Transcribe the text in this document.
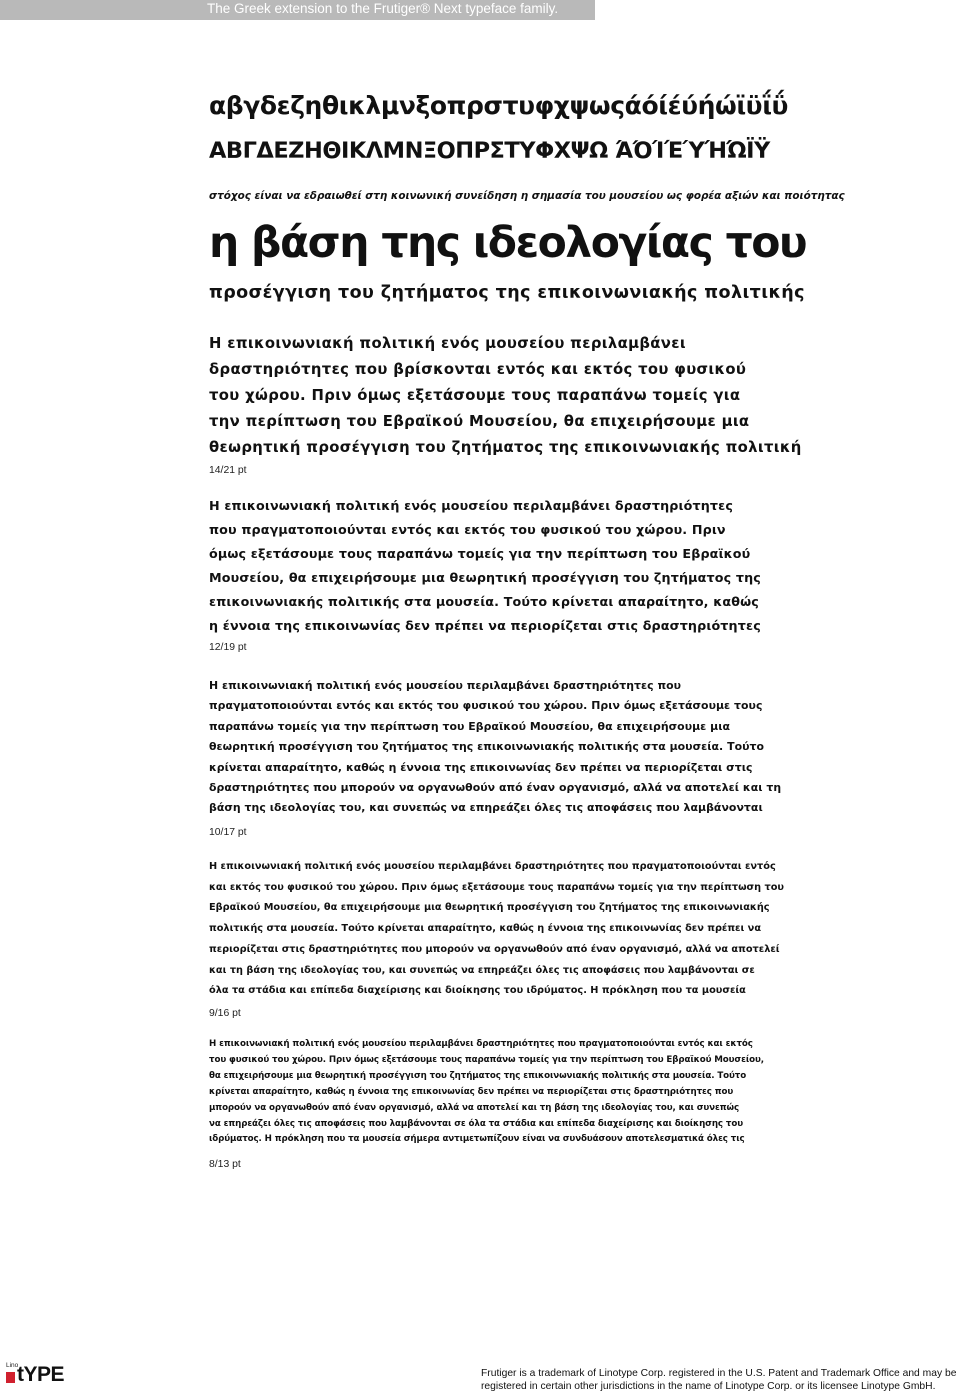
The Greek extension to the Frutiger® Next typeface family.
αβγδεζηθικλμνξοπρστυφχψωςάόίέύήώϊϋΐΰ
ΑΒΓΔΕΖΗΘΙΚΛΜΝΞΟΠΡΣΤΥΦΧΨΩ ΆΌΊΈΎΉΏΪΫ
στόχος είναι να εδραιωθεί στη κοινωνική συνείδηση η σημασία του μουσείου ως φορέα αξιών και ποιότητας
η βάση της ιδεολογίας του
προσέγγιση του ζητήματος της επικοινωνιακής πολιτικής
Η επικοινωνιακή πολιτική ενός μουσείου περιλαμβάνει
δραστηριότητες που βρίσκονται εντός και εκτός του φυσικού
του χώρου. Πριν όμως εξετάσουμε τους παραπάνω τομείς για
την περίπτωση του Εβραϊκού Μουσείου, θα επιχειρήσουμε μια
θεωρητική προσέγγιση του ζητήματος της επικοινωνιακής πολιτική
14/21 pt
Η επικοινωνιακή πολιτική ενός μουσείου περιλαμβάνει δραστηριότητες
που πραγματοποιούνται εντός και εκτός του φυσικού του χώρου. Πριν
όμως εξετάσουμε τους παραπάνω τομείς για την περίπτωση του Εβραϊκού
Μουσείου, θα επιχειρήσουμε μια θεωρητική προσέγγιση του ζητήματος της
επικοινωνιακής πολιτικής στα μουσεία. Τούτο κρίνεται απαραίτητο, καθώς
η έννοια της επικοινωνίας δεν πρέπει να περιορίζεται στις δραστηριότητες
12/19 pt
Η επικοινωνιακή πολιτική ενός μουσείου περιλαμβάνει δραστηριότητες που
πραγματοποιούνται εντός και εκτός του φυσικού του χώρου. Πριν όμως εξετάσουμε τους
παραπάνω τομείς για την περίπτωση του Εβραϊκού Μουσείου, θα επιχειρήσουμε μια
θεωρητική προσέγγιση του ζητήματος της επικοινωνιακής πολιτικής στα μουσεία. Τούτο
κρίνεται απαραίτητο, καθώς η έννοια της επικοινωνίας δεν πρέπει να περιορίζεται στις
δραστηριότητες που μπορούν να οργανωθούν από έναν οργανισμό, αλλά να αποτελεί και τη
βάση της ιδεολογίας του, και συνεπώς να επηρεάζει όλες τις αποφάσεις που λαμβάνονται
10/17 pt
Η επικοινωνιακή πολιτική ενός μουσείου περιλαμβάνει δραστηριότητες που πραγματοποιούνται εντός
και εκτός του φυσικού του χώρου. Πριν όμως εξετάσουμε τους παραπάνω τομείς για την περίπτωση του
Εβραϊκού Μουσείου, θα επιχειρήσουμε μια θεωρητική προσέγγιση του ζητήματος της επικοινωνιακής
πολιτικής στα μουσεία. Τούτο κρίνεται απαραίτητο, καθώς η έννοια της επικοινωνίας δεν πρέπει να
περιορίζεται στις δραστηριότητες που μπορούν να οργανωθούν από έναν οργανισμό, αλλά να αποτελεί
και τη βάση της ιδεολογίας του, και συνεπώς να επηρεάζει όλες τις αποφάσεις που λαμβάνονται σε
όλα τα στάδια και επίπεδα διαχείρισης και διοίκησης του ιδρύματος. Η πρόκληση που τα μουσεία
9/16 pt
Η επικοινωνιακή πολιτική ενός μουσείου περιλαμβάνει δραστηριότητες που πραγματοποιούνται εντός και εκτός
του φυσικού του χώρου. Πριν όμως εξετάσουμε τους παραπάνω τομείς για την περίπτωση του Εβραϊκού Μουσείου,
θα επιχειρήσουμε μια θεωρητική προσέγγιση του ζητήματος της επικοινωνιακής πολιτικής στα μουσεία. Τούτο
κρίνεται απαραίτητο, καθώς η έννοια της επικοινωνίας δεν πρέπει να περιορίζεται στις δραστηριότητες που
μπορούν να οργανωθούν από έναν οργανισμό, αλλά να αποτελεί και τη βάση της ιδεολογίας του, και συνεπώς
να επηρεάζει όλες τις αποφάσεις που λαμβάνονται σε όλα τα στάδια και επίπεδα διαχείρισης και διοίκησης του
ιδρύματος. Η πρόκληση που τα μουσεία σήμερα αντιμετωπίζουν είναι να συνδυάσουν αποτελεσματικά όλες τις
8/13 pt
Lino
tYPE	Frutiger is a trademark of Linotype Corp. registered in the U.S. Patent and Trademark Office and may be
registered in certain other jurisdictions in the name of Linotype Corp. or its licensee Linotype GmbH.
